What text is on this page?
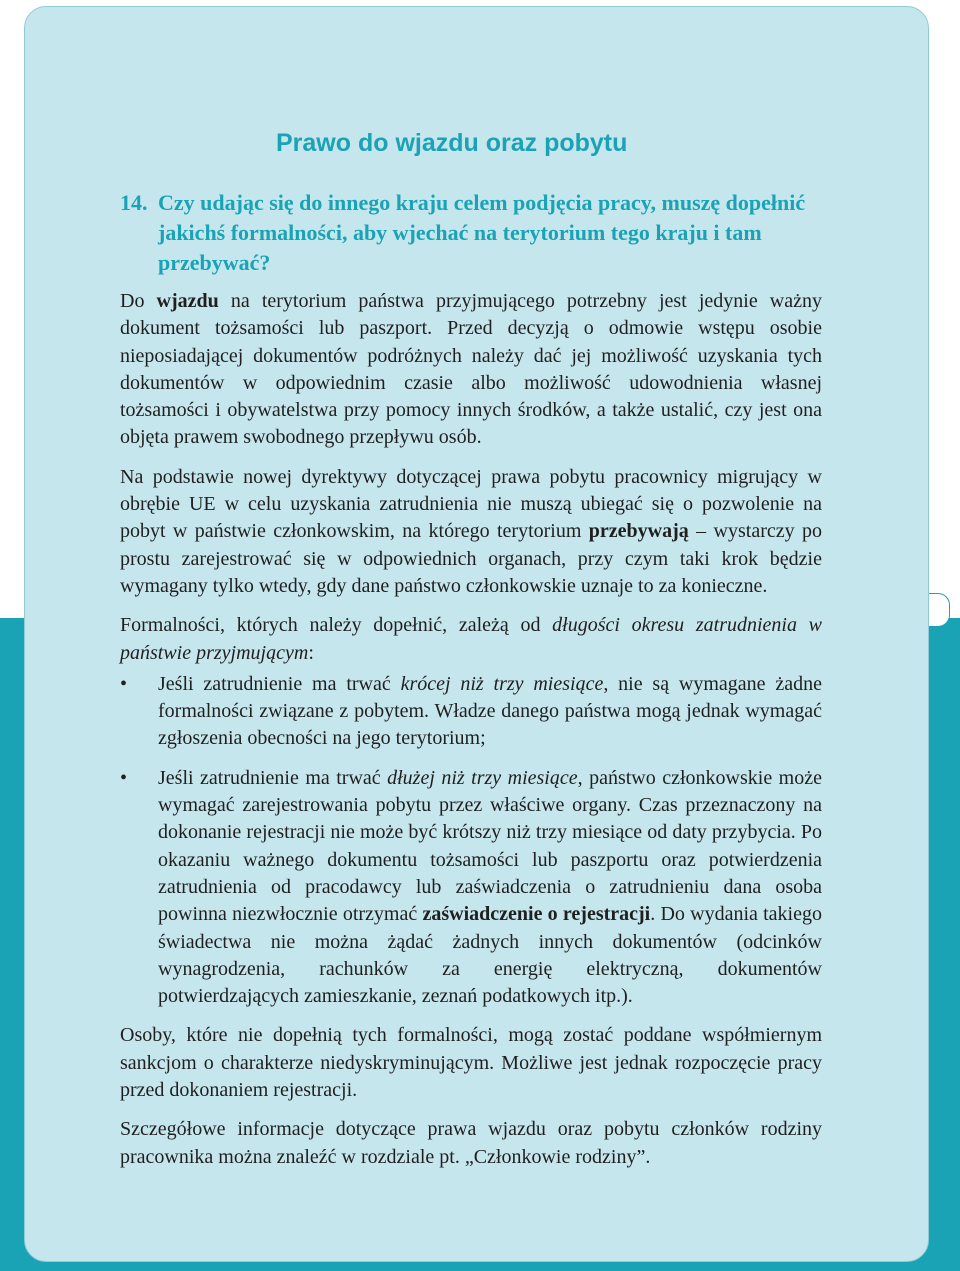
Prawo do wjazdu oraz pobytu
14. Czy udając się do innego kraju celem podjęcia pracy, muszę dopełnić jakichś formalności, aby wjechać na terytorium tego kraju i tam przebywać?

Do wjazdu na terytorium państwa przyjmującego potrzebny jest jedynie ważny dokument tożsamości lub paszport. Przed decyzją o odmowie wstępu osobie nieposiadającej dokumentów podróżnych należy dać jej możliwość uzyskania tych dokumentów w odpowiednim czasie albo możliwość udowodnienia własnej tożsamości i obywatelstwa przy pomocy innych środków, a także ustalić, czy jest ona objęta prawem swobodnego przepływu osób.

Na podstawie nowej dyrektywy dotyczącej prawa pobytu pracownicy migrujący w obrębie UE w celu uzyskania zatrudnienia nie muszą ubiegać się o pozwolenie na pobyt w państwie członkowskim, na którego terytorium przebywają – wystarczy po prostu zarejestrować się w odpowiednich organach, przy czym taki krok będzie wymagany tylko wtedy, gdy dane państwo członkowskie uznaje to za konieczne.

Formalności, których należy dopełnić, zależą od długości okresu zatrudnienia w państwie przyjmującym:

• Jeśli zatrudnienie ma trwać krócej niż trzy miesiące, nie są wymagane żadne formalności związane z pobytem. Władze danego państwa mogą jednak wymagać zgłoszenia obecności na jego terytorium;
• Jeśli zatrudnienie ma trwać dłużej niż trzy miesiące, państwo członkowskie może wymagać zarejestrowania pobytu przez właściwe organy. Czas przeznaczony na dokonanie rejestracji nie może być krótszy niż trzy miesiące od daty przybycia. Po okazaniu ważnego dokumentu tożsamości lub paszportu oraz potwierdzenia zatrudnienia od pracodawcy lub zaświadczenia o zatrudnieniu dana osoba powinna niezwłocznie otrzymać zaświadczenie o rejestracji. Do wydania takiego świadectwa nie można żądać żadnych innych dokumentów (odcinków wynagrodzenia, rachunków za energię elektryczną, dokumentów potwierdzających zamieszkanie, zeznań podatkowych itp.).

Osoby, które nie dopełnią tych formalności, mogą zostać poddane współmiernym sankcjom o charakterze niedyskryminującym. Możliwe jest jednak rozpoczęcie pracy przed dokonaniem rejestracji.

Szczegółowe informacje dotyczące prawa wjazdu oraz pobytu członków rodziny pracownika można znaleźć w rozdziale pt. „Członkowie rodziny”.
